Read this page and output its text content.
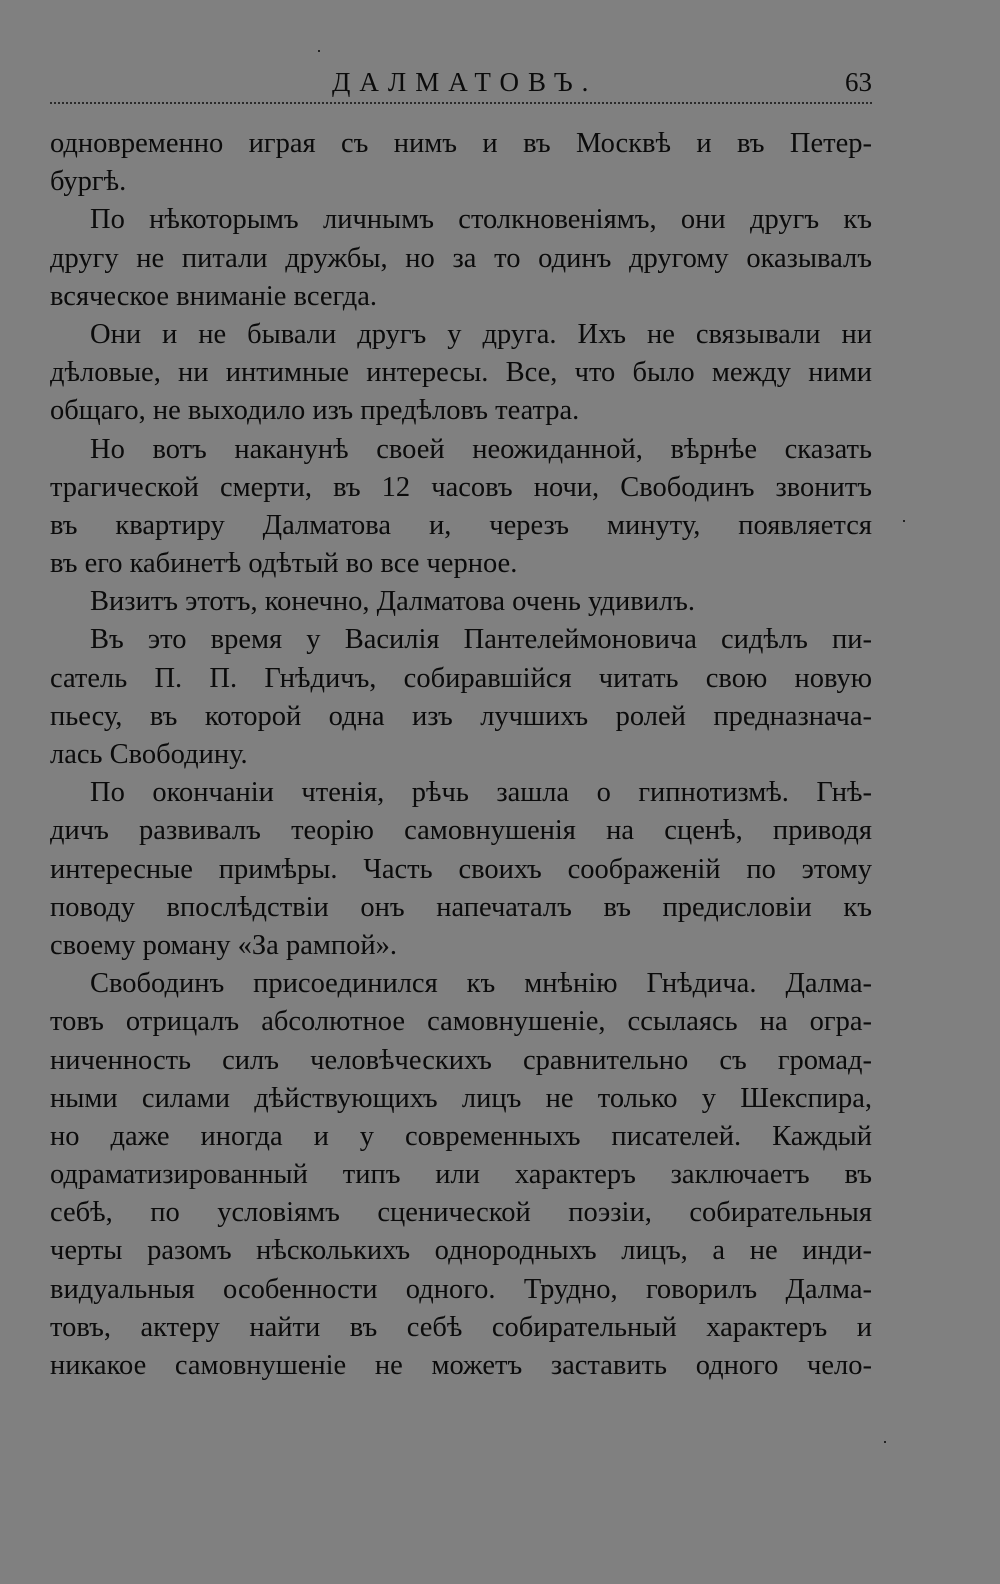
ДАЛМАТОВЪ.	63
одновременно играя съ нимъ и въ Москвѣ и въ Петер-
бургѣ.
По нѣкоторымъ личнымъ столкновеніямъ, они другъ къ
другу не питали дружбы, но за то одинъ другому оказывалъ
всяческое вниманіе всегда.
Они и не бывали другъ у друга. Ихъ не связывали ни
дѣловые, ни интимные интересы. Все, что было между ними
общаго, не выходило изъ предѣловъ театра.
Но вотъ наканунѣ своей неожиданной, вѣрнѣе сказать
трагической смерти, въ 12 часовъ ночи, Свободинъ звонитъ
въ квартиру Далматова и, черезъ минуту, появляется
въ его кабинетѣ одѣтый во все черное.
Визитъ этотъ, конечно, Далматова очень удивилъ.
Въ это время у Василія Пантелеймоновича сидѣлъ пи-
сатель П. П. Гнѣдичъ, собиравшійся читать свою новую
пьесу, въ которой одна изъ лучшихъ ролей предназнача-
лась Свободину.
По окончаніи чтенія, рѣчь зашла о гипнотизмѣ. Гнѣ-
дичъ развивалъ теорію самовнушенія на сценѣ, приводя
интересные примѣры. Часть своихъ соображеній по этому
поводу впослѣдствіи онъ напечаталъ въ предисловіи къ
своему роману «За рампой».
Свободинъ присоединился къ мнѣнію Гнѣдича. Далма-
товъ отрицалъ абсолютное самовнушеніе, ссылаясь на огра-
ниченность силъ человѣческихъ сравнительно съ громад-
ными силами дѣйствующихъ лицъ не только у Шекспира,
но даже иногда и у современныхъ писателей. Каждый
одраматизированный типъ или характеръ заключаетъ въ
себѣ, по условіямъ сценической поэзіи, собирательныя
черты разомъ нѣсколькихъ однородныхъ лицъ, а не инди-
видуальныя особенности одного. Трудно, говорилъ Далма-
товъ, актеру найти въ себѣ собирательный характеръ и
никакое самовнушеніе не можетъ заставить одного чело-
